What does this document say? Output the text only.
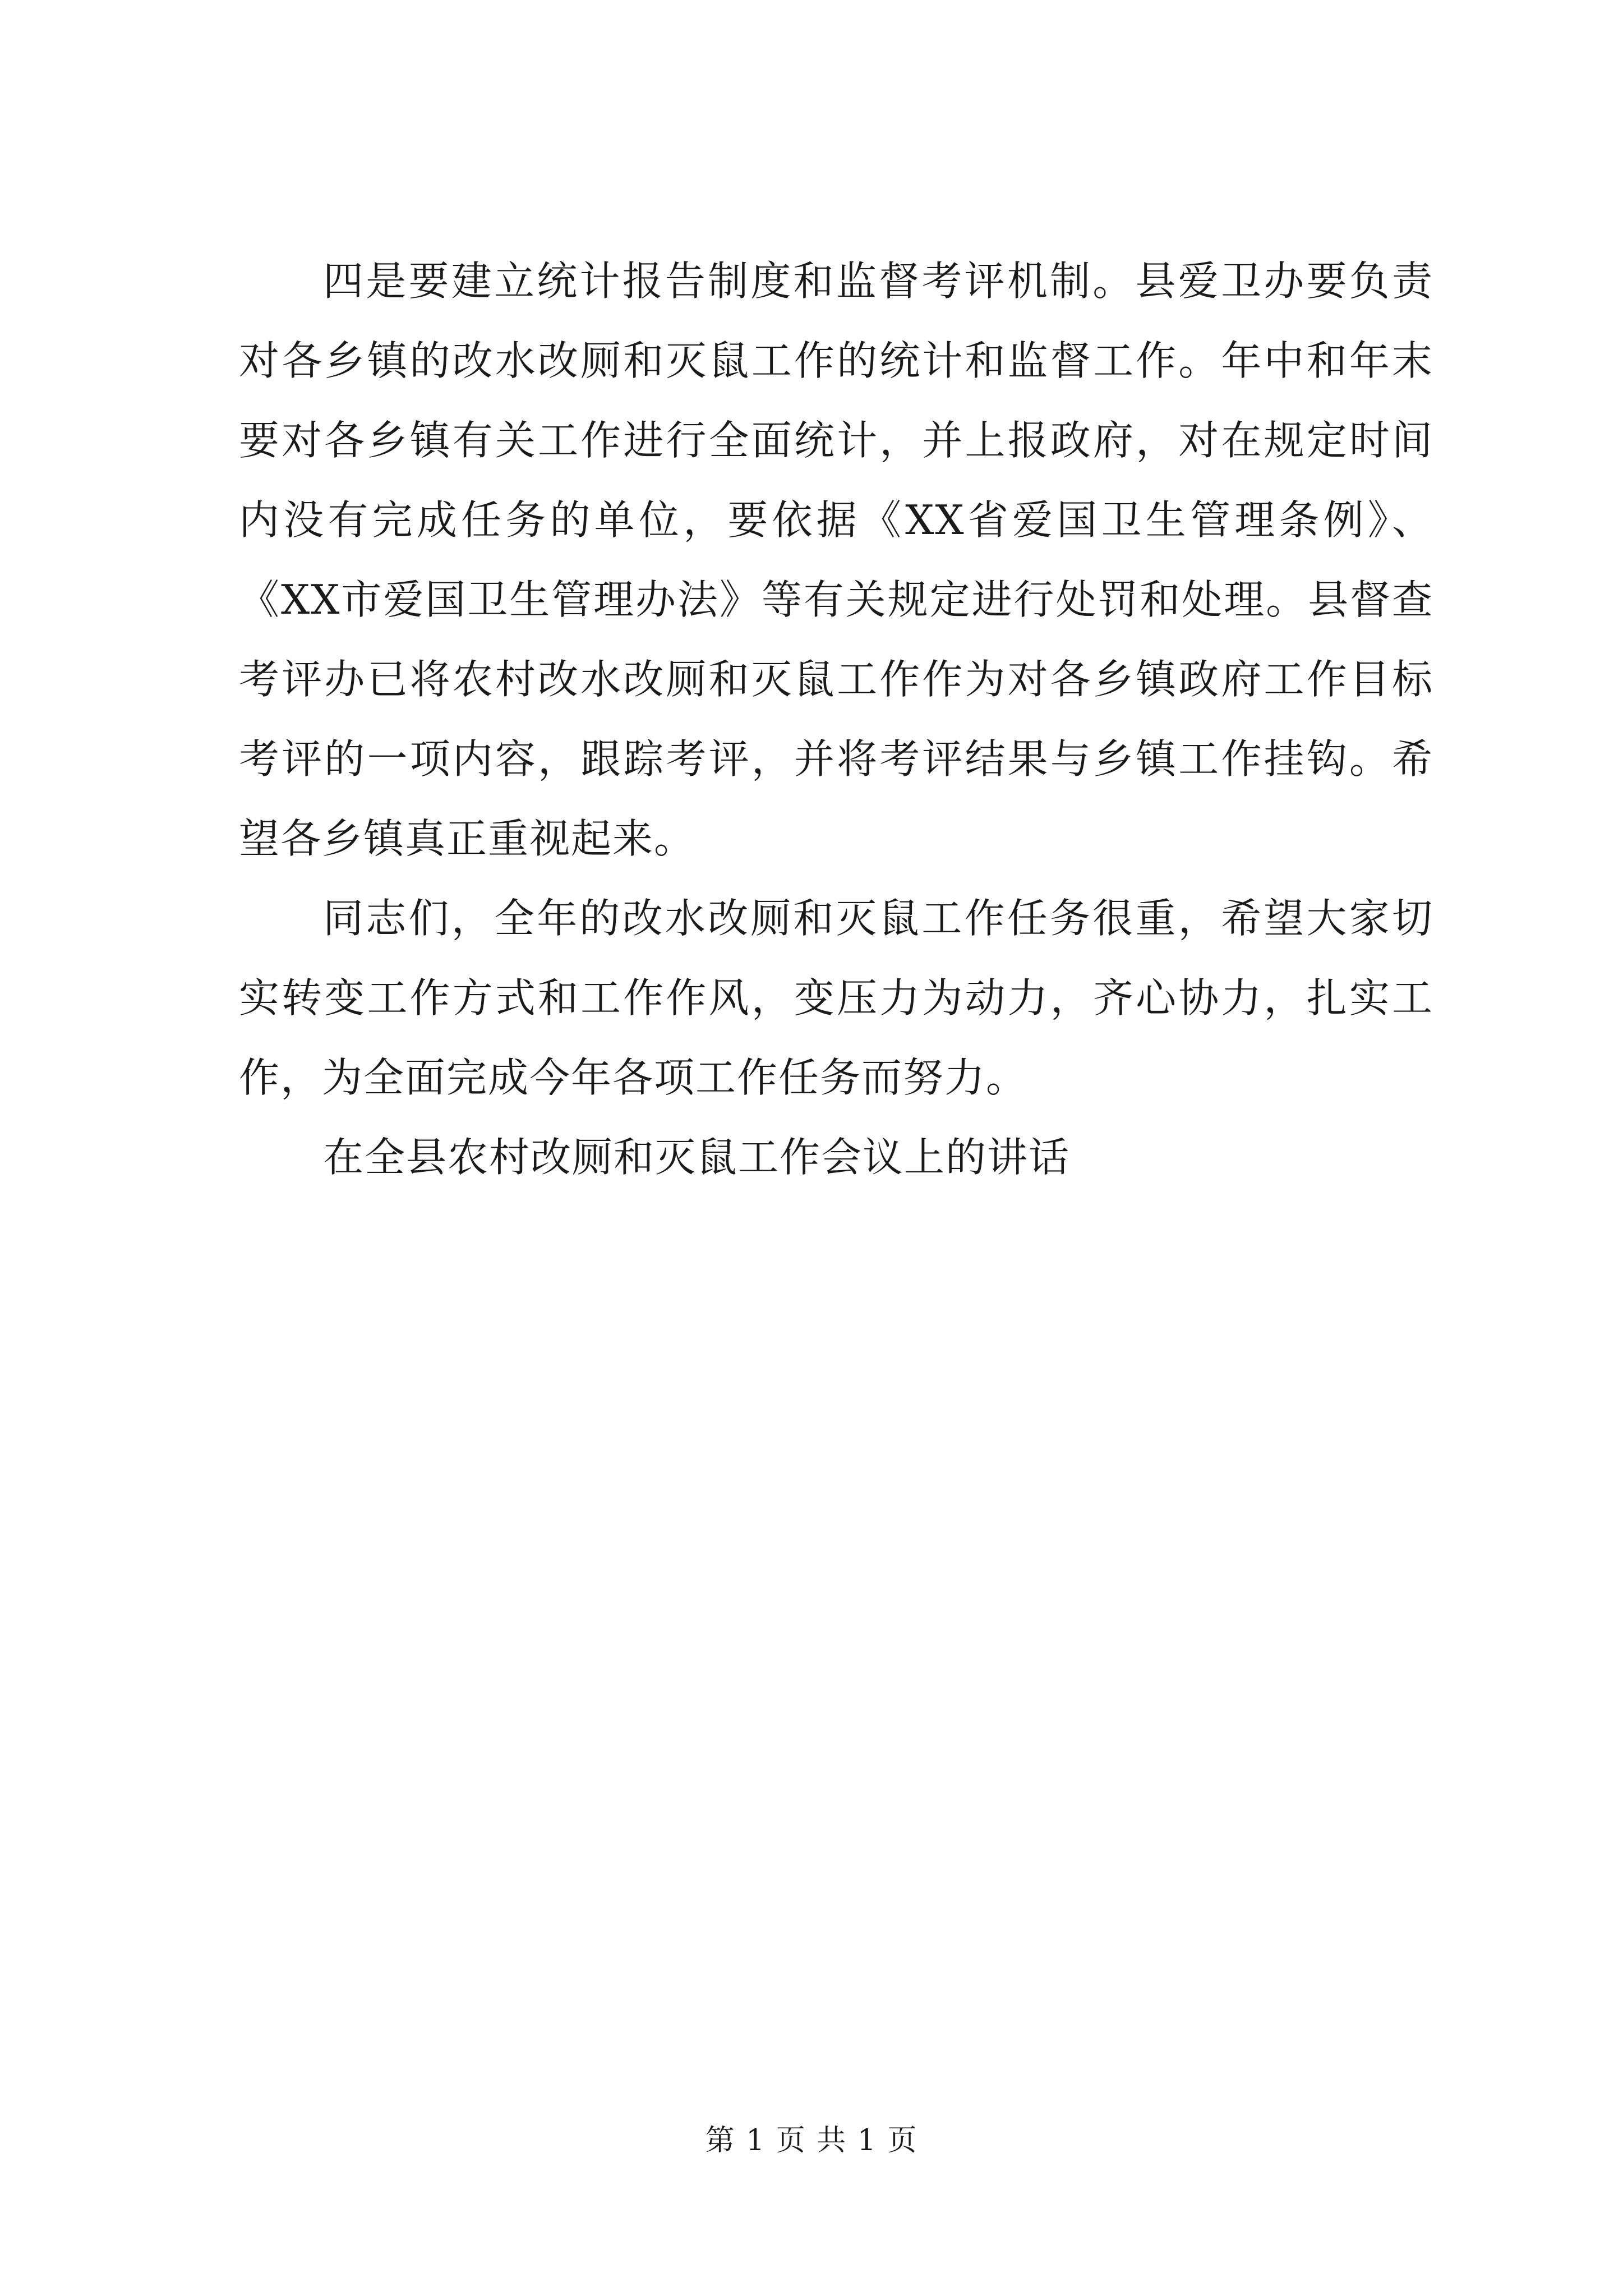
四是要建立统计报告制度和监督考评机制。县爱卫办要负责对各乡镇的改水改厕和灭鼠工作的统计和监督工作。年中和年末要对各乡镇有关工作进行全面统计，并上报政府，对在规定时间内没有完成任务的单位，要依据《XX省爱国卫生管理条例》、《XX市爱国卫生管理办法》等有关规定进行处罚和处理。县督查考评办已将农村改水改厕和灭鼠工作作为对各乡镇政府工作目标考评的一项内容，跟踪考评，并将考评结果与乡镇工作挂钩。希望各乡镇真正重视起来。

同志们，全年的改水改厕和灭鼠工作任务很重，希望大家切实转变工作方式和工作作风，变压力为动力，齐心协力，扎实工作，为全面完成今年各项工作任务而努力。

在全县农村改厕和灭鼠工作会议上的讲话

第 1 页 共 1 页
